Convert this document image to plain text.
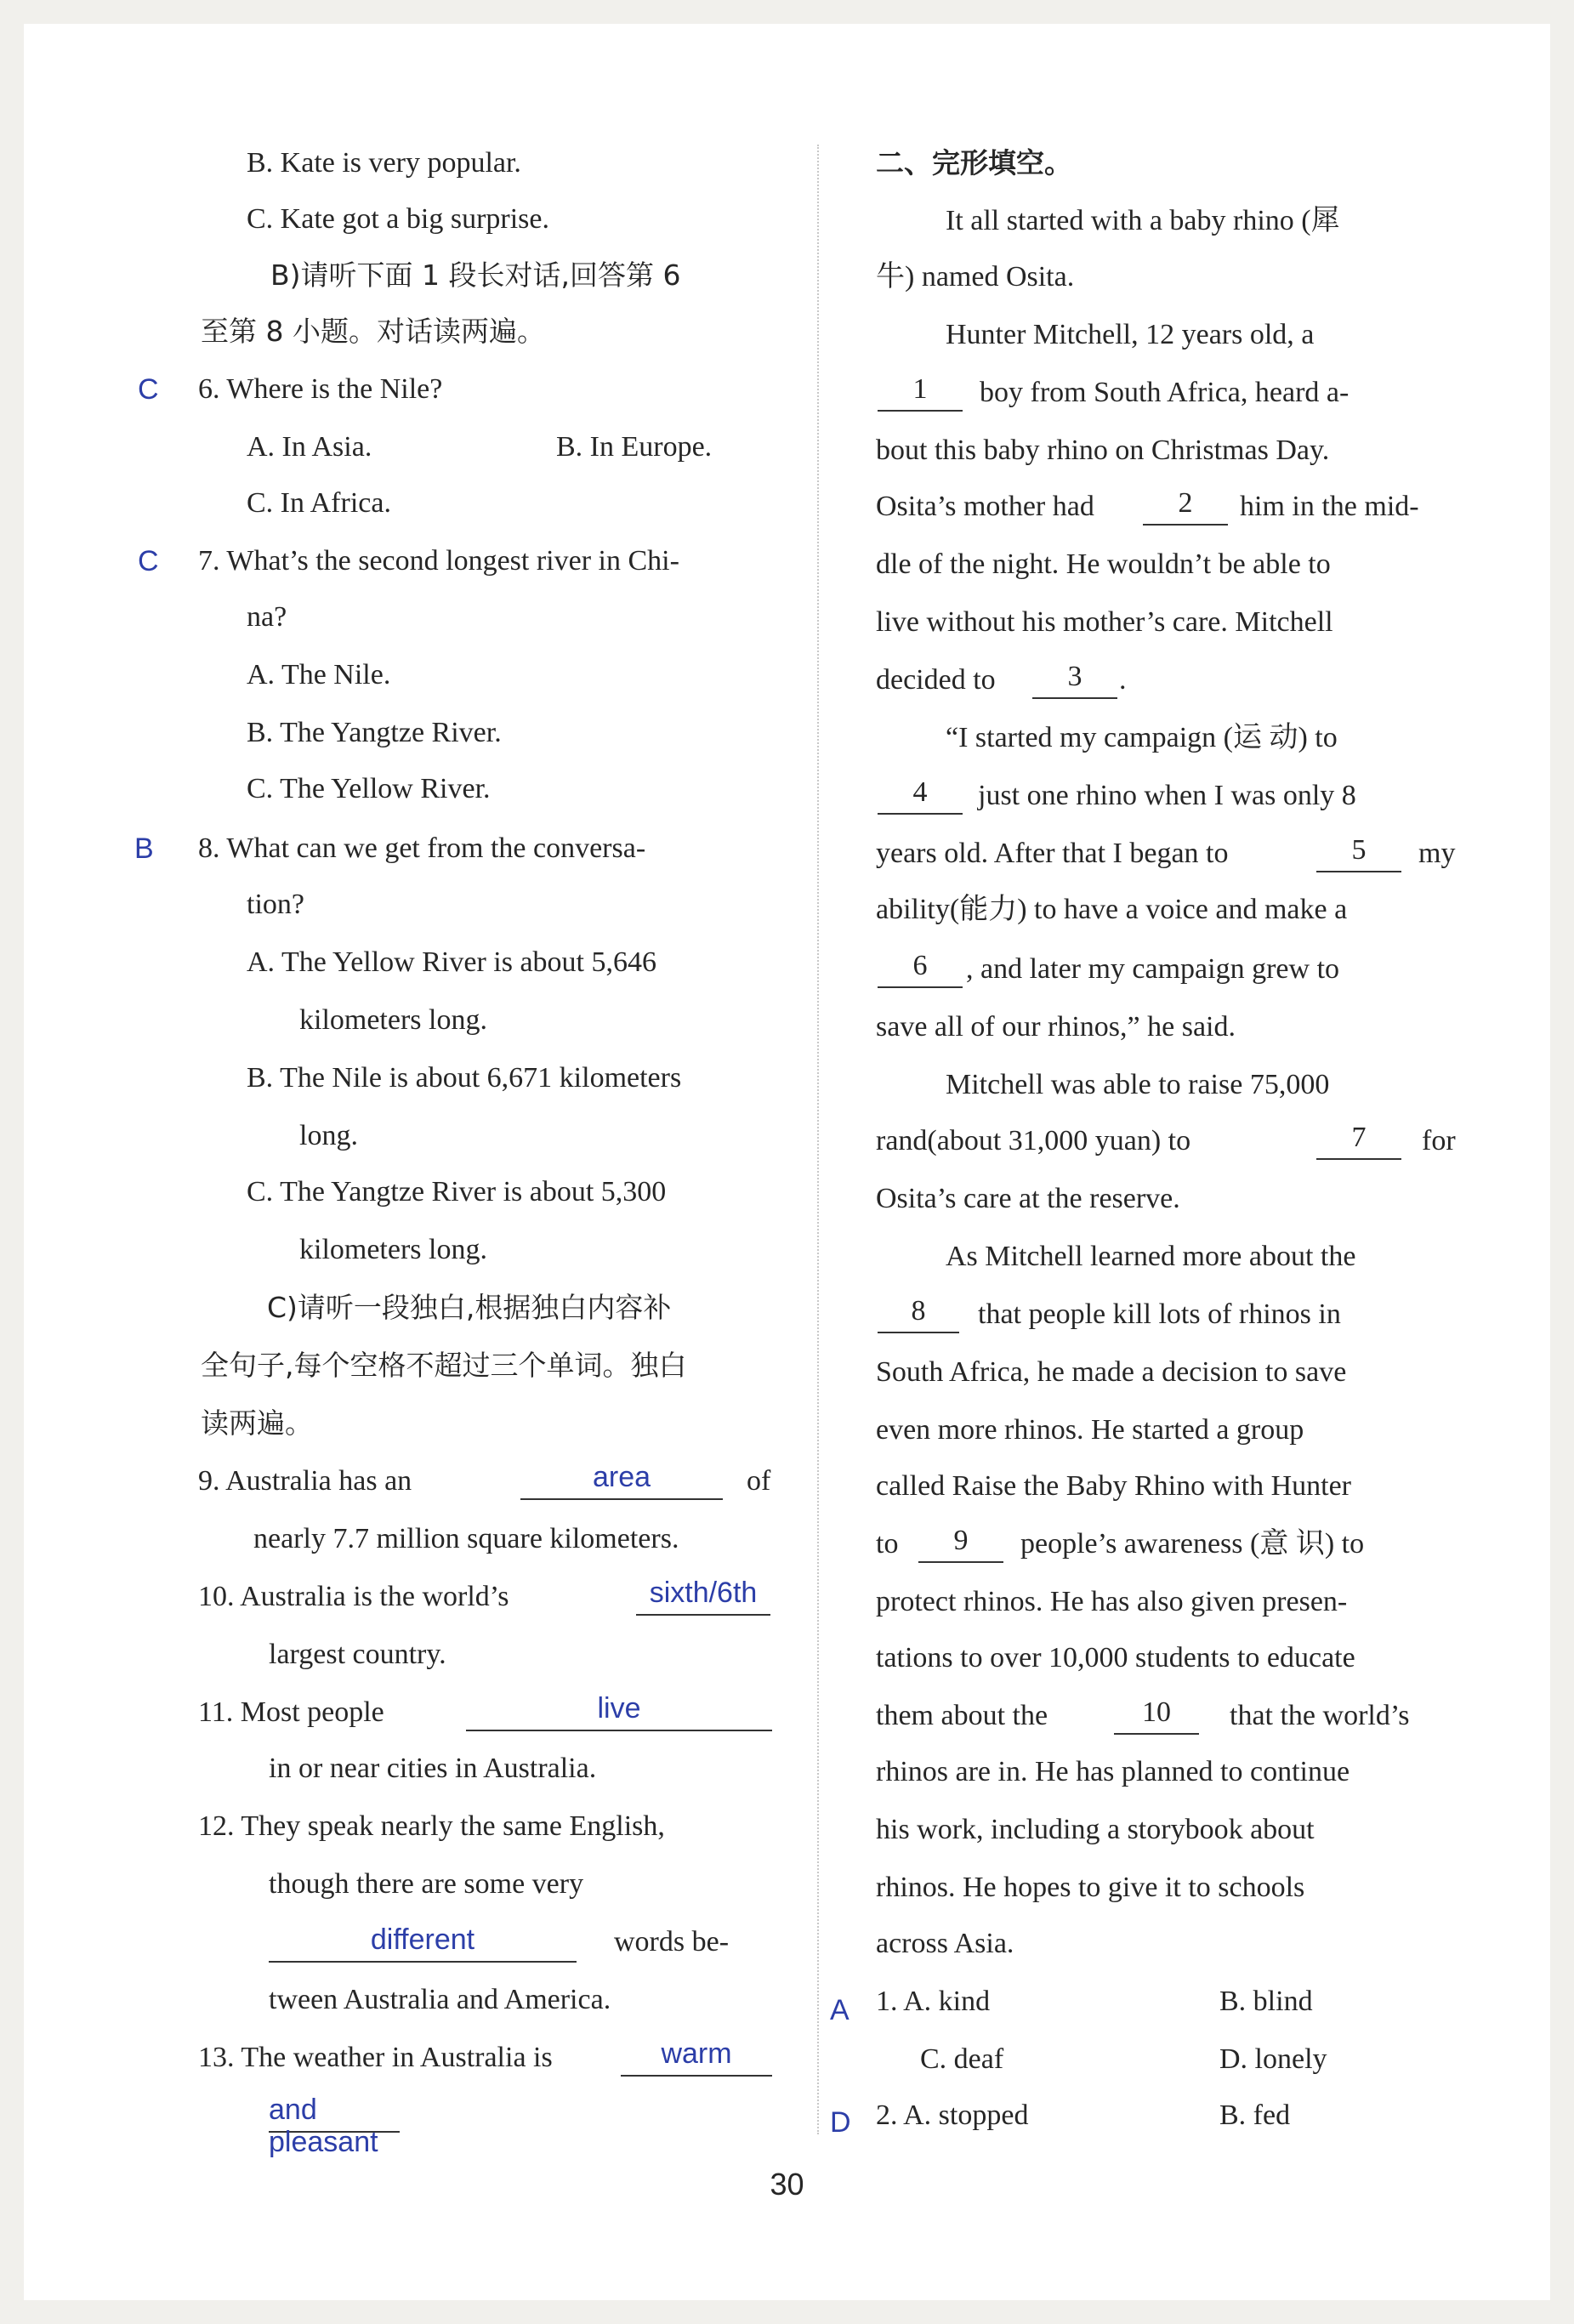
B. Kate is very popular.
C. Kate got a big surprise.
B)请听下面 1 段长对话,回答第 6
至第 8 小题。对话读两遍。
C 6. Where is the Nile?
A. In Asia.	B. In Europe.
C. In Africa.
C 7. What’s the second longest river in Chi-
na?
A. The Nile.
B. The Yangtze River.
C. The Yellow River.
B 8. What can we get from the conversa-
tion?
A. The Yellow River is about 5,646
kilometers long.
B. The Nile is about 6,671 kilometers
long.
C. The Yangtze River is about 5,300
kilometers long.
C)请听一段独白,根据独白内容补
全句子,每个空格不超过三个单词。独白
读两遍。
9. Australia has an	area	of
nearly 7.7 million square kilometers.
10. Australia is the world’s	sixth/6th
largest country.
11. Most people	live
in or near cities in Australia.
12. They speak nearly the same English,
though there are some very
different	words be-
tween Australia and America.
13. The weather in Australia is	warm
and pleasant
二、完形填空。
It all started with a baby rhino (犀
牛) named Osita.
Hunter Mitchell, 12 years old, a
1	boy from South Africa, heard a-
bout this baby rhino on Christmas Day.
Osita’s mother had	2	him in the mid-
dle of the night. He wouldn’t be able to
live without his mother’s care. Mitchell
decided to	3	.
“I started my campaign (运 动) to
4	just one rhino when I was only 8
years old. After that I began to	5	my
ability(能力) to have a voice and make a
6	, and later my campaign grew to
save all of our rhinos,” he said.
Mitchell was able to raise 75,000
rand(about 31,000 yuan) to	7	for
Osita’s care at the reserve.
As Mitchell learned more about the
8	that people kill lots of rhinos in
South Africa, he made a decision to save
even more rhinos. He started a group
called Raise the Baby Rhino with Hunter
to	9	people’s awareness (意 识) to
protect rhinos. He has also given presen-
tations to over 10,000 students to educate
them about the	10	that the world’s
rhinos are in. He has planned to continue
his work, including a storybook about
rhinos. He hopes to give it to schools
across Asia.
A 1. A. kind	B. blind
C. deaf	D. lonely
D 2. A. stopped	B. fed
30
